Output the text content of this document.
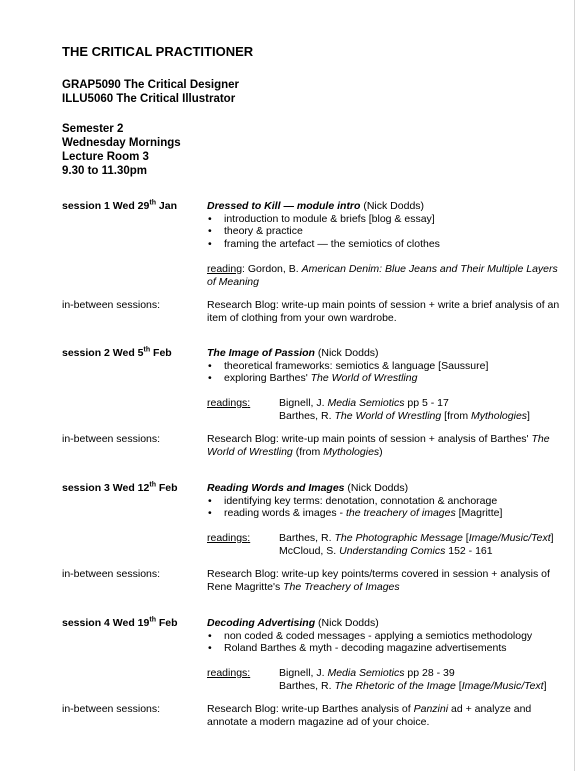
THE CRITICAL PRACTITIONER
GRAP5090 The Critical Designer
ILLU5060 The Critical Illustrator
Semester 2
Wednesday Mornings
Lecture Room 3
9.30 to 11.30pm
session 1 Wed 29th Jan	Dressed to Kill — module intro (Nick Dodds)
• introduction to module & briefs [blog & essay]
• theory & practice
• framing the artefact — the semiotics of clothes
reading: Gordon, B. American Denim: Blue Jeans and Their Multiple Layers of Meaning
in-between sessions:	Research Blog: write-up main points of session + write a brief analysis of an item of clothing from your own wardrobe.
session 2 Wed 5th Feb	The Image of Passion (Nick Dodds)
• theoretical frameworks: semiotics & language [Saussure]
• exploring Barthes' The World of Wrestling
readings:	Bignell, J. Media Semiotics pp 5 - 17
Barthes, R. The World of Wrestling [from Mythologies]
in-between sessions:	Research Blog: write-up main points of session + analysis of Barthes' The World of Wrestling (from Mythologies)
session 3 Wed 12th Feb	Reading Words and Images (Nick Dodds)
• identifying key terms: denotation, connotation & anchorage
• reading words & images - the treachery of images [Magritte]
readings:	Barthes, R. The Photographic Message [Image/Music/Text]
McCloud, S. Understanding Comics 152 - 161
in-between sessions:	Research Blog: write-up key points/terms covered in session + analysis of Rene Magritte's The Treachery of Images
session 4 Wed 19th Feb	Decoding Advertising (Nick Dodds)
• non coded & coded messages - applying a semiotics methodology
• Roland Barthes & myth - decoding magazine advertisements
readings:	Bignell, J. Media Semiotics pp 28 - 39
Barthes, R. The Rhetoric of the Image [Image/Music/Text]
in-between sessions:	Research Blog: write-up Barthes analysis of Panzini ad + analyze and annotate a modern magazine ad of your choice.
